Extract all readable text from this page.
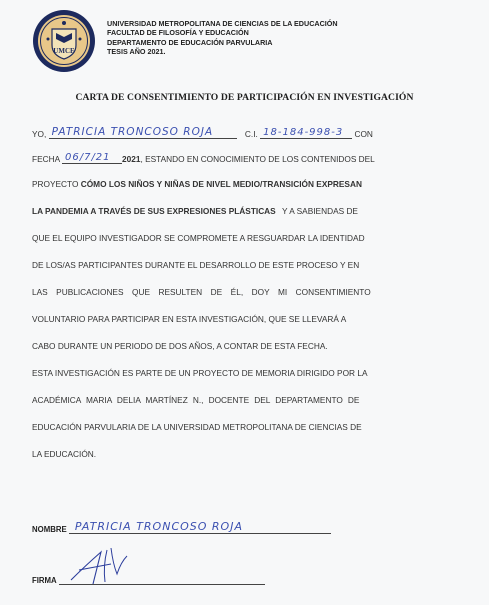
UMCE
UNIVERSIDAD METROPOLITANA DE CIENCIAS DE LA EDUCACIÓN
FACULTAD DE FILOSOFÍA Y EDUCACIÓN
DEPARTAMENTO DE EDUCACIÓN PARVULARIA
TESIS AÑO 2021.
CARTA DE CONSENTIMIENTO DE PARTICIPACIÓN EN INVESTIGACIÓN
YO, PATRICIA TRONCOSO ROJA	C.I. 18-184-998-3 CON
FECHA 06/7/21 2021, ESTANDO EN CONOCIMIENTO DE LOS CONTENIDOS DEL
PROYECTO CÓMO LOS NIÑOS Y NIÑAS DE NIVEL MEDIO/TRANSICIÓN EXPRESAN
LA PANDEMIA A TRAVÉS DE SUS EXPRESIONES PLÁSTICAS Y A SABIENDAS DE
QUE EL EQUIPO INVESTIGADOR SE COMPROMETE A RESGUARDAR LA IDENTIDAD
DE LOS/AS PARTICIPANTES DURANTE EL DESARROLLO DE ESTE PROCESO Y EN
LAS PUBLICACIONES QUE RESULTEN DE ÉL, DOY MI CONSENTIMIENTO
VOLUNTARIO PARA PARTICIPAR EN ESTA INVESTIGACIÓN, QUE SE LLEVARÁ A
CABO DURANTE UN PERIODO DE DOS AÑOS, A CONTAR DE ESTA FECHA.
ESTA INVESTIGACIÓN ES PARTE DE UN PROYECTO DE MEMORIA DIRIGIDO POR LA
ACADÉMICA MARIA DELIA MARTÍNEZ N., DOCENTE DEL DEPARTAMENTO DE
EDUCACIÓN PARVULARIA DE LA UNIVERSIDAD METROPOLITANA DE CIENCIAS DE
LA EDUCACIÓN.
NOMBRE PATRICIA TRONCOSO ROJA
FIRMA
